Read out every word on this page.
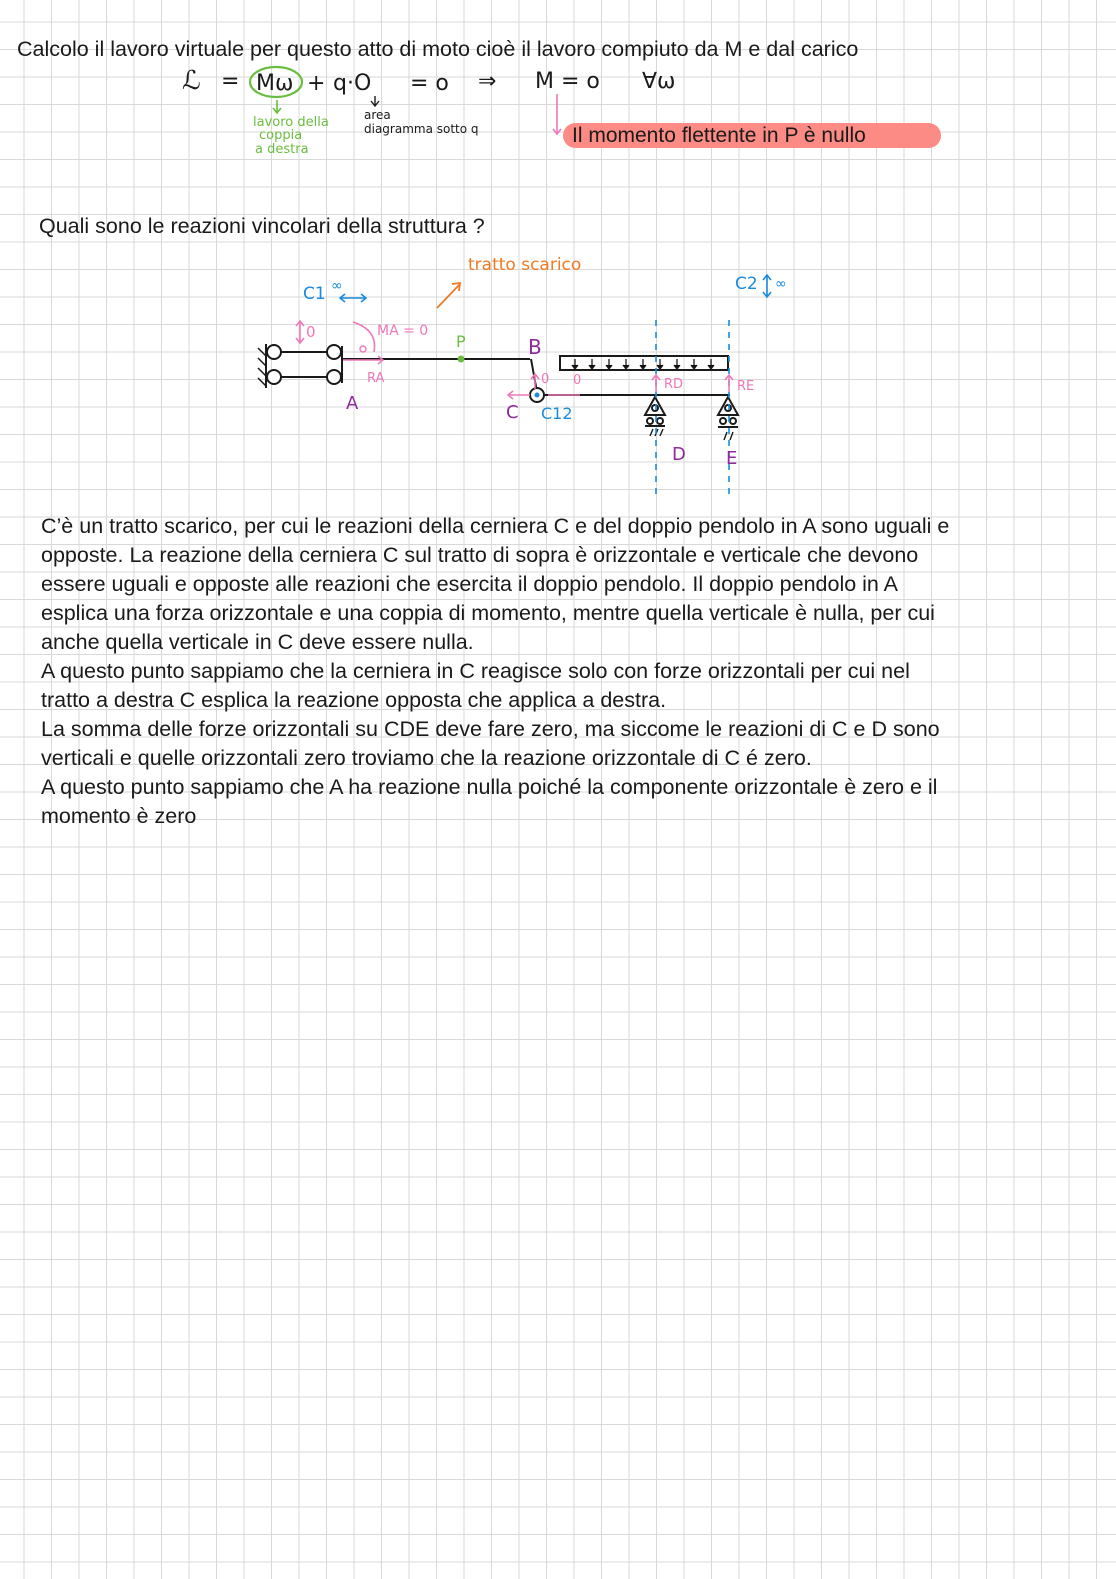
Calcolo il lavoro virtuale per questo atto di moto cioè il lavoro compiuto da M e dal carico
ℒ = Mω + q·O = o ⇒ M = o ∀ω
lavoro della
coppia
a destra
area
diagramma sotto q	Il momento flettente in P è nullo
Quali sono le reazioni vincolari della struttura ?
tratto scarico
C1 ∞	C2 ∞
C12
0	MA = 0
RA	0 0	RD	RE
P	B
A	C
D E
C’è un tratto scarico, per cui le reazioni della cerniera C e del doppio pendolo in A sono uguali e
opposte. La reazione della cerniera C sul tratto di sopra è orizzontale e verticale che devono
essere uguali e opposte alle reazioni che esercita il doppio pendolo. Il doppio pendolo in A
esplica una forza orizzontale e una coppia di momento, mentre quella verticale è nulla, per cui
anche quella verticale in C deve essere nulla.
A questo punto sappiamo che la cerniera in C reagisce solo con forze orizzontali per cui nel
tratto a destra C esplica la reazione opposta che applica a destra.
La somma delle forze orizzontali su CDE deve fare zero, ma siccome le reazioni di C e D sono
verticali e quelle orizzontali zero troviamo che la reazione orizzontale di C é zero.
A questo punto sappiamo che A ha reazione nulla poiché la componente orizzontale è zero e il
momento è zero
